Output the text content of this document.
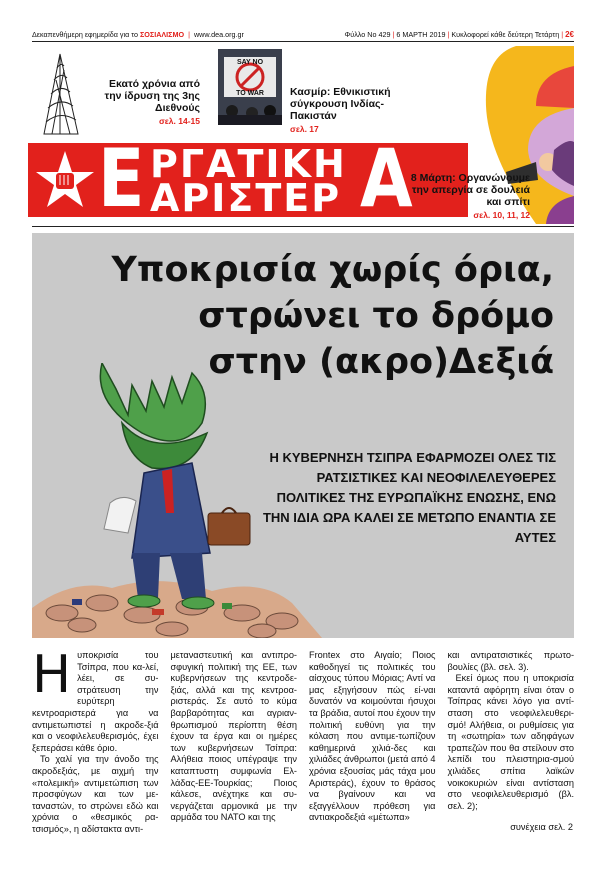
Δεκαπενθήμερη εφημερίδα για το ΣΟΣΙΑΛΙΣΜΟ | www.dea.org.gr	Φύλλο Νο 429 | 6 ΜΑΡΤΗ 2019 | Κυκλοφορεί κάθε δεύτερη Τετάρτη | 2€
Εκατό χρόνια από την ίδρυση της 3ης Διεθνούς
σελ. 14-15
SAY NO
TO WAR Κασμίρ: Εθνικιστική σύγκρουση Ινδίας-Πακιστάν
σελ. 17
Ε ΡΓΑΤΙΚΗ
ΑΡΙΣΤΕΡ Α
8 Μάρτη: Οργανώνουμε την απεργία σε δουλειά και σπίτι
σελ. 10, 11, 12
Υποκρισία χωρίς όρια,
στρώνει το δρόμο
στην (ακρο)Δεξιά
Η ΚΥΒΕΡΝΗΣΗ ΤΣΙΠΡΑ ΕΦΑΡΜΟΖΕΙ ΟΛΕΣ ΤΙΣ ΡΑΤΣΙΣΤΙΚΕΣ ΚΑΙ ΝΕΟΦΙΛΕΛΕΥΘΕΡΕΣ ΠΟΛΙΤΙΚΕΣ ΤΗΣ ΕΥΡΩΠΑΪΚΗΣ ΕΝΩΣΗΣ, ΕΝΩ ΤΗΝ ΙΔΙΑ ΩΡΑ ΚΑΛΕΙ ΣΕ ΜΕΤΩΠΟ ΕΝΑΝΤΙΑ ΣΕ ΑΥΤΕΣ

Ηυποκρισία του Τσίπρα, που κα-λεί, λέει, σε συ-στράτευση την ευρύτερη κεντροαριστερά για να αντιμετωπιστεί η ακροδε-ξιά και ο νεοφιλελευθερισμός, έχει ξεπεράσει κάθε όριο.

Το χαλί για την άνοδο της ακροδεξιάς, με αιχμή την «πολεμική» αντιμετώπιση των προσφύγων και των με-ταναστών, το στρώνει εδώ και χρόνια ο «θεσμικός ρα-τσισμός», η αδίστακτα αντι-

μεταναστευτική και αντιπρο-σφυγική πολιτική της ΕΕ, των κυβερνήσεων της κεντροδε-ξιάς, αλλά και της κεντροα-ριστεράς. Σε αυτό το κύμα βαρβαρότητας και αγριαν-θρωπισμού περίοπτη θέση έχουν τα έργα και οι ημέρες των κυβερνήσεων Τσίπρα: Αλήθεια ποιος υπέγραψε την καταπτυστη συμφωνία Ελ-λάδας-ΕΕ-Τουρκίας; Ποιος κάλεσε, ανέχτηκε και συ-νεργάζεται αρμονικά με την αρμάδα του ΝΑΤΟ και της

Frontex στο Αιγαίο; Ποιος καθοδηγεί τις πολιτικές του αίσχους τύπου Μόριας; Αντί να μας εξηγήσουν πώς εί-ναι δυνατόν να κοιμούνται ήσυχοι τα βράδια, αυτοί που έχουν την πολιτική ευθύνη για την κόλαση που αντιμε-τωπίζουν καθημερινά χιλιά-δες και χιλιάδες άνθρωποι (μετά από 4 χρόνια εξουσίας μάς τάχα μου Αριστεράς), έχουν το θράσος να βγαίνουν και να εξαγγέλλουν πρόθεση για αντιακροδεξιά «μέτωπα»

και αντιρατσιστικές πρωτο-βουλίες (βλ. σελ. 3).

Εκεί όμως που η υποκρισία καταντά αφόρητη είναι όταν ο Τσίπρας κάνει λόγο για αντί-σταση στο νεοφιλελευθερι-σμό! Αλήθεια, οι ρυθμίσεις για τη «σωτηρία» των αδηφάγων τραπεζών που θα στείλουν στο λεπίδι του πλειστηρια-σμού χιλιάδες σπίτια λαϊκών νοικοκυριών είναι αντίσταση στο νεοφιλελευθερισμό (βλ. σελ. 2);

συνέχεια σελ. 2
